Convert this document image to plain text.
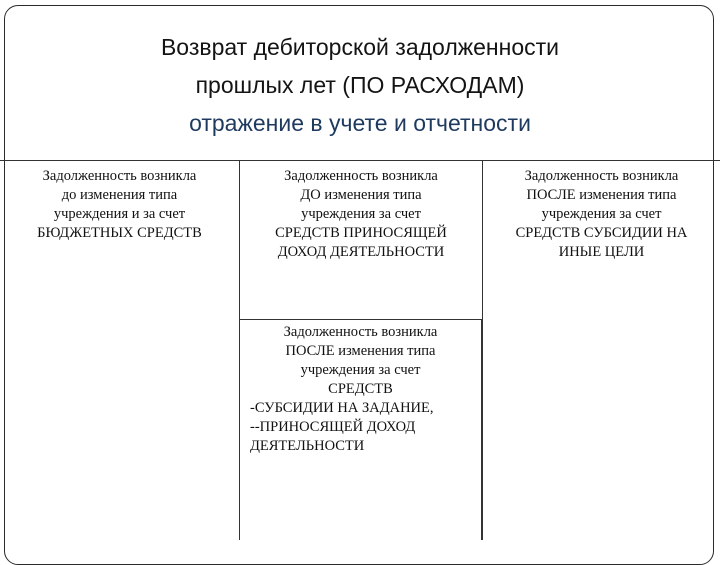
Возврат дебиторской задолженности
прошлых лет (ПО РАСХОДАМ)
отражение в учете и отчетности
Задолженность возникла
до изменения типа
учреждения и за счет
БЮДЖЕТНЫХ СРЕДСТВ
Задолженность возникла
ДО изменения типа
учреждения за счет
СРЕДСТВ ПРИНОСЯЩЕЙ
ДОХОД ДЕЯТЕЛЬНОСТИ
Задолженность возникла
ПОСЛЕ изменения типа
учреждения за счет
СРЕДСТВ
-СУБСИДИИ НА ЗАДАНИЕ,
--ПРИНОСЯЩЕЙ ДОХОД
ДЕЯТЕЛЬНОСТИ
Задолженность возникла
ПОСЛЕ изменения типа
учреждения за счет
СРЕДСТВ СУБСИДИИ НА
ИНЫЕ ЦЕЛИ
